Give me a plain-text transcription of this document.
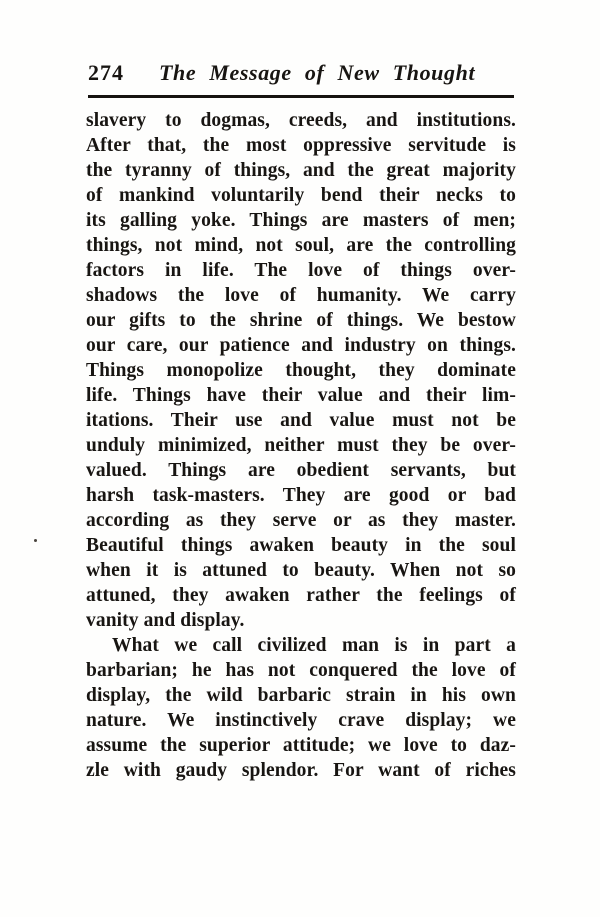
274 The Message of New Thought
slavery to dogmas, creeds, and institutions.
After that, the most oppressive servitude is
the tyranny of things, and the great majority
of mankind voluntarily bend their necks to
its galling yoke. Things are masters of men;
things, not mind, not soul, are the controlling
factors in life. The love of things over-
shadows the love of humanity. We carry
our gifts to the shrine of things. We bestow
our care, our patience and industry on things.
Things monopolize thought, they dominate
life. Things have their value and their lim-
itations. Their use and value must not be
unduly minimized, neither must they be over-
valued. Things are obedient servants, but
harsh task-masters. They are good or bad
according as they serve or as they master.
Beautiful things awaken beauty in the soul
when it is attuned to beauty. When not so
attuned, they awaken rather the feelings of
vanity and display.
What we call civilized man is in part a
barbarian; he has not conquered the love of
display, the wild barbaric strain in his own
nature. We instinctively crave display; we
assume the superior attitude; we love to daz-
zle with gaudy splendor. For want of riches
